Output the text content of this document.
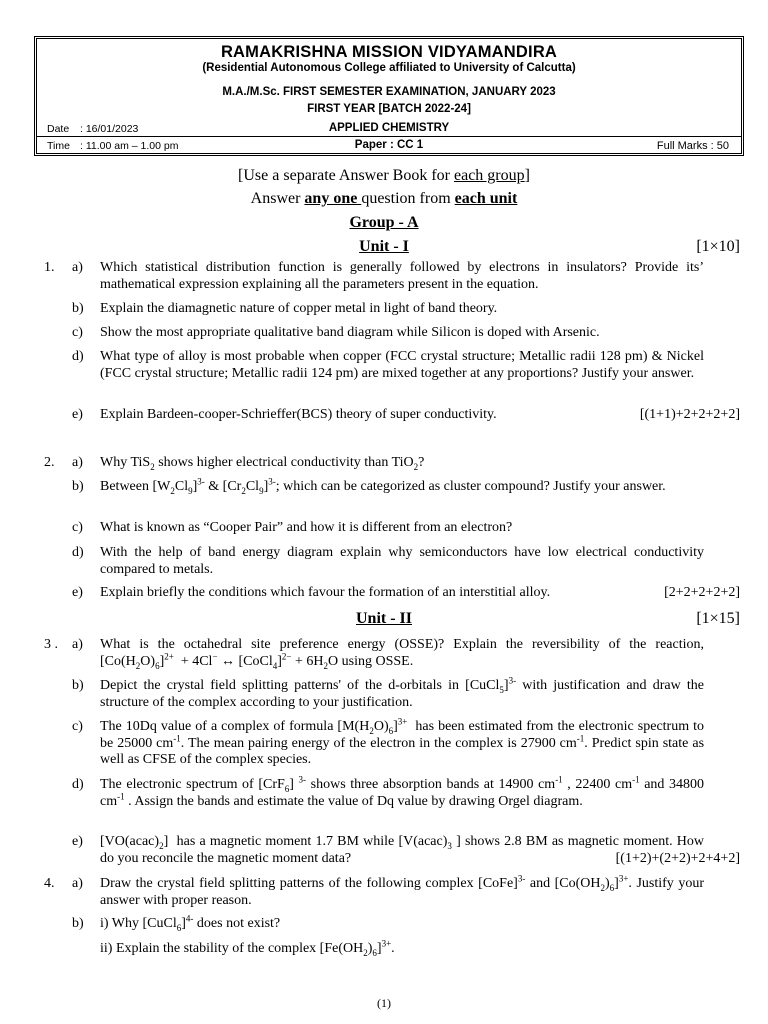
RAMAKRISHNA MISSION VIDYAMANDIRA
(Residential Autonomous College affiliated to University of Calcutta)
M.A./M.Sc. FIRST SEMESTER EXAMINATION, JANUARY 2023
FIRST YEAR [BATCH 2022-24]
APPLIED CHEMISTRY
Paper : CC 1
Date : 16/01/2023
Time : 11.00 am – 1.00 pm	Full Marks : 50
[Use a separate Answer Book for each group]
Answer any one question from each unit
Group - A
Unit - I	[1×10]
1. a) Which statistical distribution function is generally followed by electrons in insulators? Provide its’ mathematical expression explaining all the parameters present in the equation.
b) Explain the diamagnetic nature of copper metal in light of band theory.
c) Show the most appropriate qualitative band diagram while Silicon is doped with Arsenic.
d) What type of alloy is most probable when copper (FCC crystal structure; Metallic radii 128 pm) & Nickel (FCC crystal structure; Metallic radii 124 pm) are mixed together at any proportions? Justify your answer.
e) Explain Bardeen-cooper-Schrieffer(BCS) theory of super conductivity.	[(1+1)+2+2+2+2]
2. a) Why TiS$_2$ shows higher electrical conductivity than TiO$_2$?
b) Between $[W_2Cl_9]^{3-}$ & $[Cr_2Cl_9]^{3-}$; which can be categorized as cluster compound? Justify your answer.
c) What is known as “Cooper Pair” and how it is different from an electron?
d) With the help of band energy diagram explain why semiconductors have low electrical conductivity compared to metals.
e) Explain briefly the conditions which favour the formation of an interstitial alloy.	[2+2+2+2+2]
Unit - II	[1×15]
3 . a) What is the octahedral site preference energy (OSSE)? Explain the reversibility of the reaction, $[Co(H_2O)_6]^{2+} + 4Cl^-$ ↔ [CoCl$_4$]$^{2-}$ + $6H_2O$ using OSSE.
b) Depict the crystal field splitting patterns' of the d-orbitals in [CuCl$_5$]$^{3-}$ with justification and draw the structure of the complex according to your justification.
c) The 10Dq value of a complex of formula $[M(H_2O)_6]^{3+}$  has been estimated from the electronic spectrum to be 25000 $cm^{-1}$. The mean pairing energy of the electron in the complex is 27900 $cm^{-1}$. Predict spin state as well as CFSE of the complex species.
d) The electronic spectrum of [CrF$_6$] $^{3-}$ shows three absorption bands at 14900 $cm^{-1}$ , 22400 $cm^{-1}$ and 34800 $cm^{-1}$ . Assign the bands and estimate the value of Dq value by drawing Orgel diagram.
e) $[VO(acac)_2]$  has a magnetic moment 1.7 BM while [$V(acac)_3$ ] shows 2.8 BM as magnetic moment. How do you reconcile the magnetic moment data?	[(1+2)+(2+2)+2+4+2]
4. a) Draw the crystal field splitting patterns of the following complex [CoFe]$^{3-}$ and $[Co(OH_2)_6]^{3+}$. Justify your answer with proper reason.
b) i) Why [CuCl$_6$]$^{4-}$ does not exist?
ii) Explain the stability of the complex $[Fe(OH_2)_6]^{3+}$.
(1)
